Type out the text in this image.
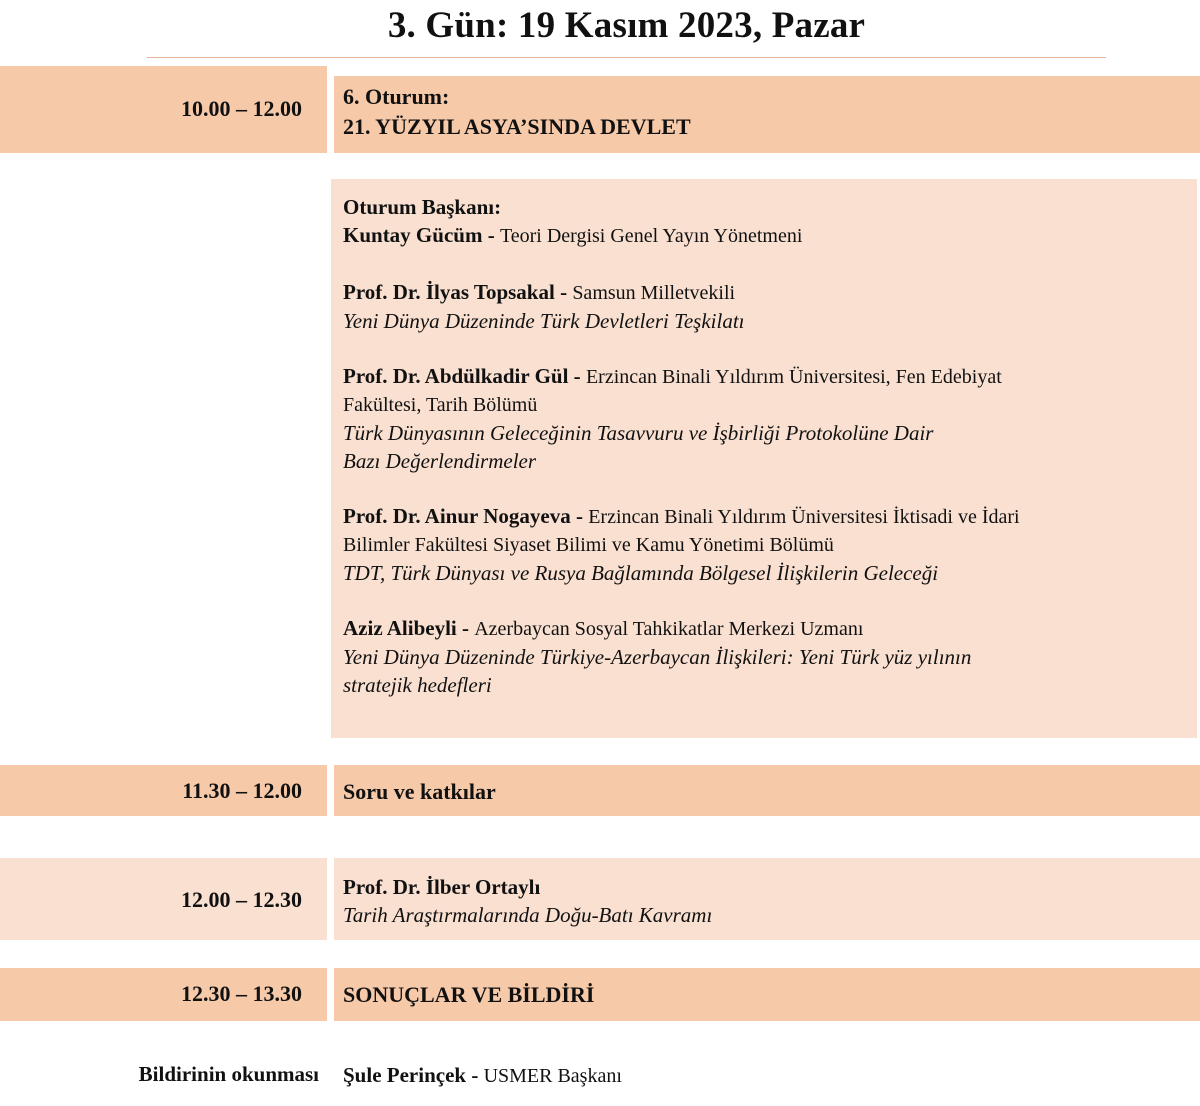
3. Gün: 19 Kasım 2023, Pazar
10.00 – 12.00 6. Oturum:
21. YÜZYIL ASYA’SINDA DEVLET
Oturum Başkanı:
Kuntay Gücüm - Teori Dergisi Genel Yayın Yönetmeni
Prof. Dr. İlyas Topsakal - Samsun Milletvekili
Yeni Dünya Düzeninde Türk Devletleri Teşkilatı
Prof. Dr. Abdülkadir Gül - Erzincan Binali Yıldırım Üniversitesi, Fen Edebiyat
Fakültesi, Tarih Bölümü
Türk Dünyasının Geleceğinin Tasavvuru ve İşbirliği Protokolüne Dair
Bazı Değerlendirmeler
Prof. Dr. Ainur Nogayeva - Erzincan Binali Yıldırım Üniversitesi İktisadi ve İdari
Bilimler Fakültesi Siyaset Bilimi ve Kamu Yönetimi Bölümü
TDT, Türk Dünyası ve Rusya Bağlamında Bölgesel İlişkilerin Geleceği
Aziz Alibeyli - Azerbaycan Sosyal Tahkikatlar Merkezi Uzmanı
Yeni Dünya Düzeninde Türkiye-Azerbaycan İlişkileri: Yeni Türk yüz yılının
stratejik hedefleri
11.30 – 12.00 Soru ve katkılar
12.00 – 12.30 Prof. Dr. İlber Ortaylı
Tarih Araştırmalarında Doğu-Batı Kavramı
12.30 – 13.30 SONUÇLAR VE BİLDİRİ
Bildirinin okunması Şule Perinçek - USMER Başkanı
